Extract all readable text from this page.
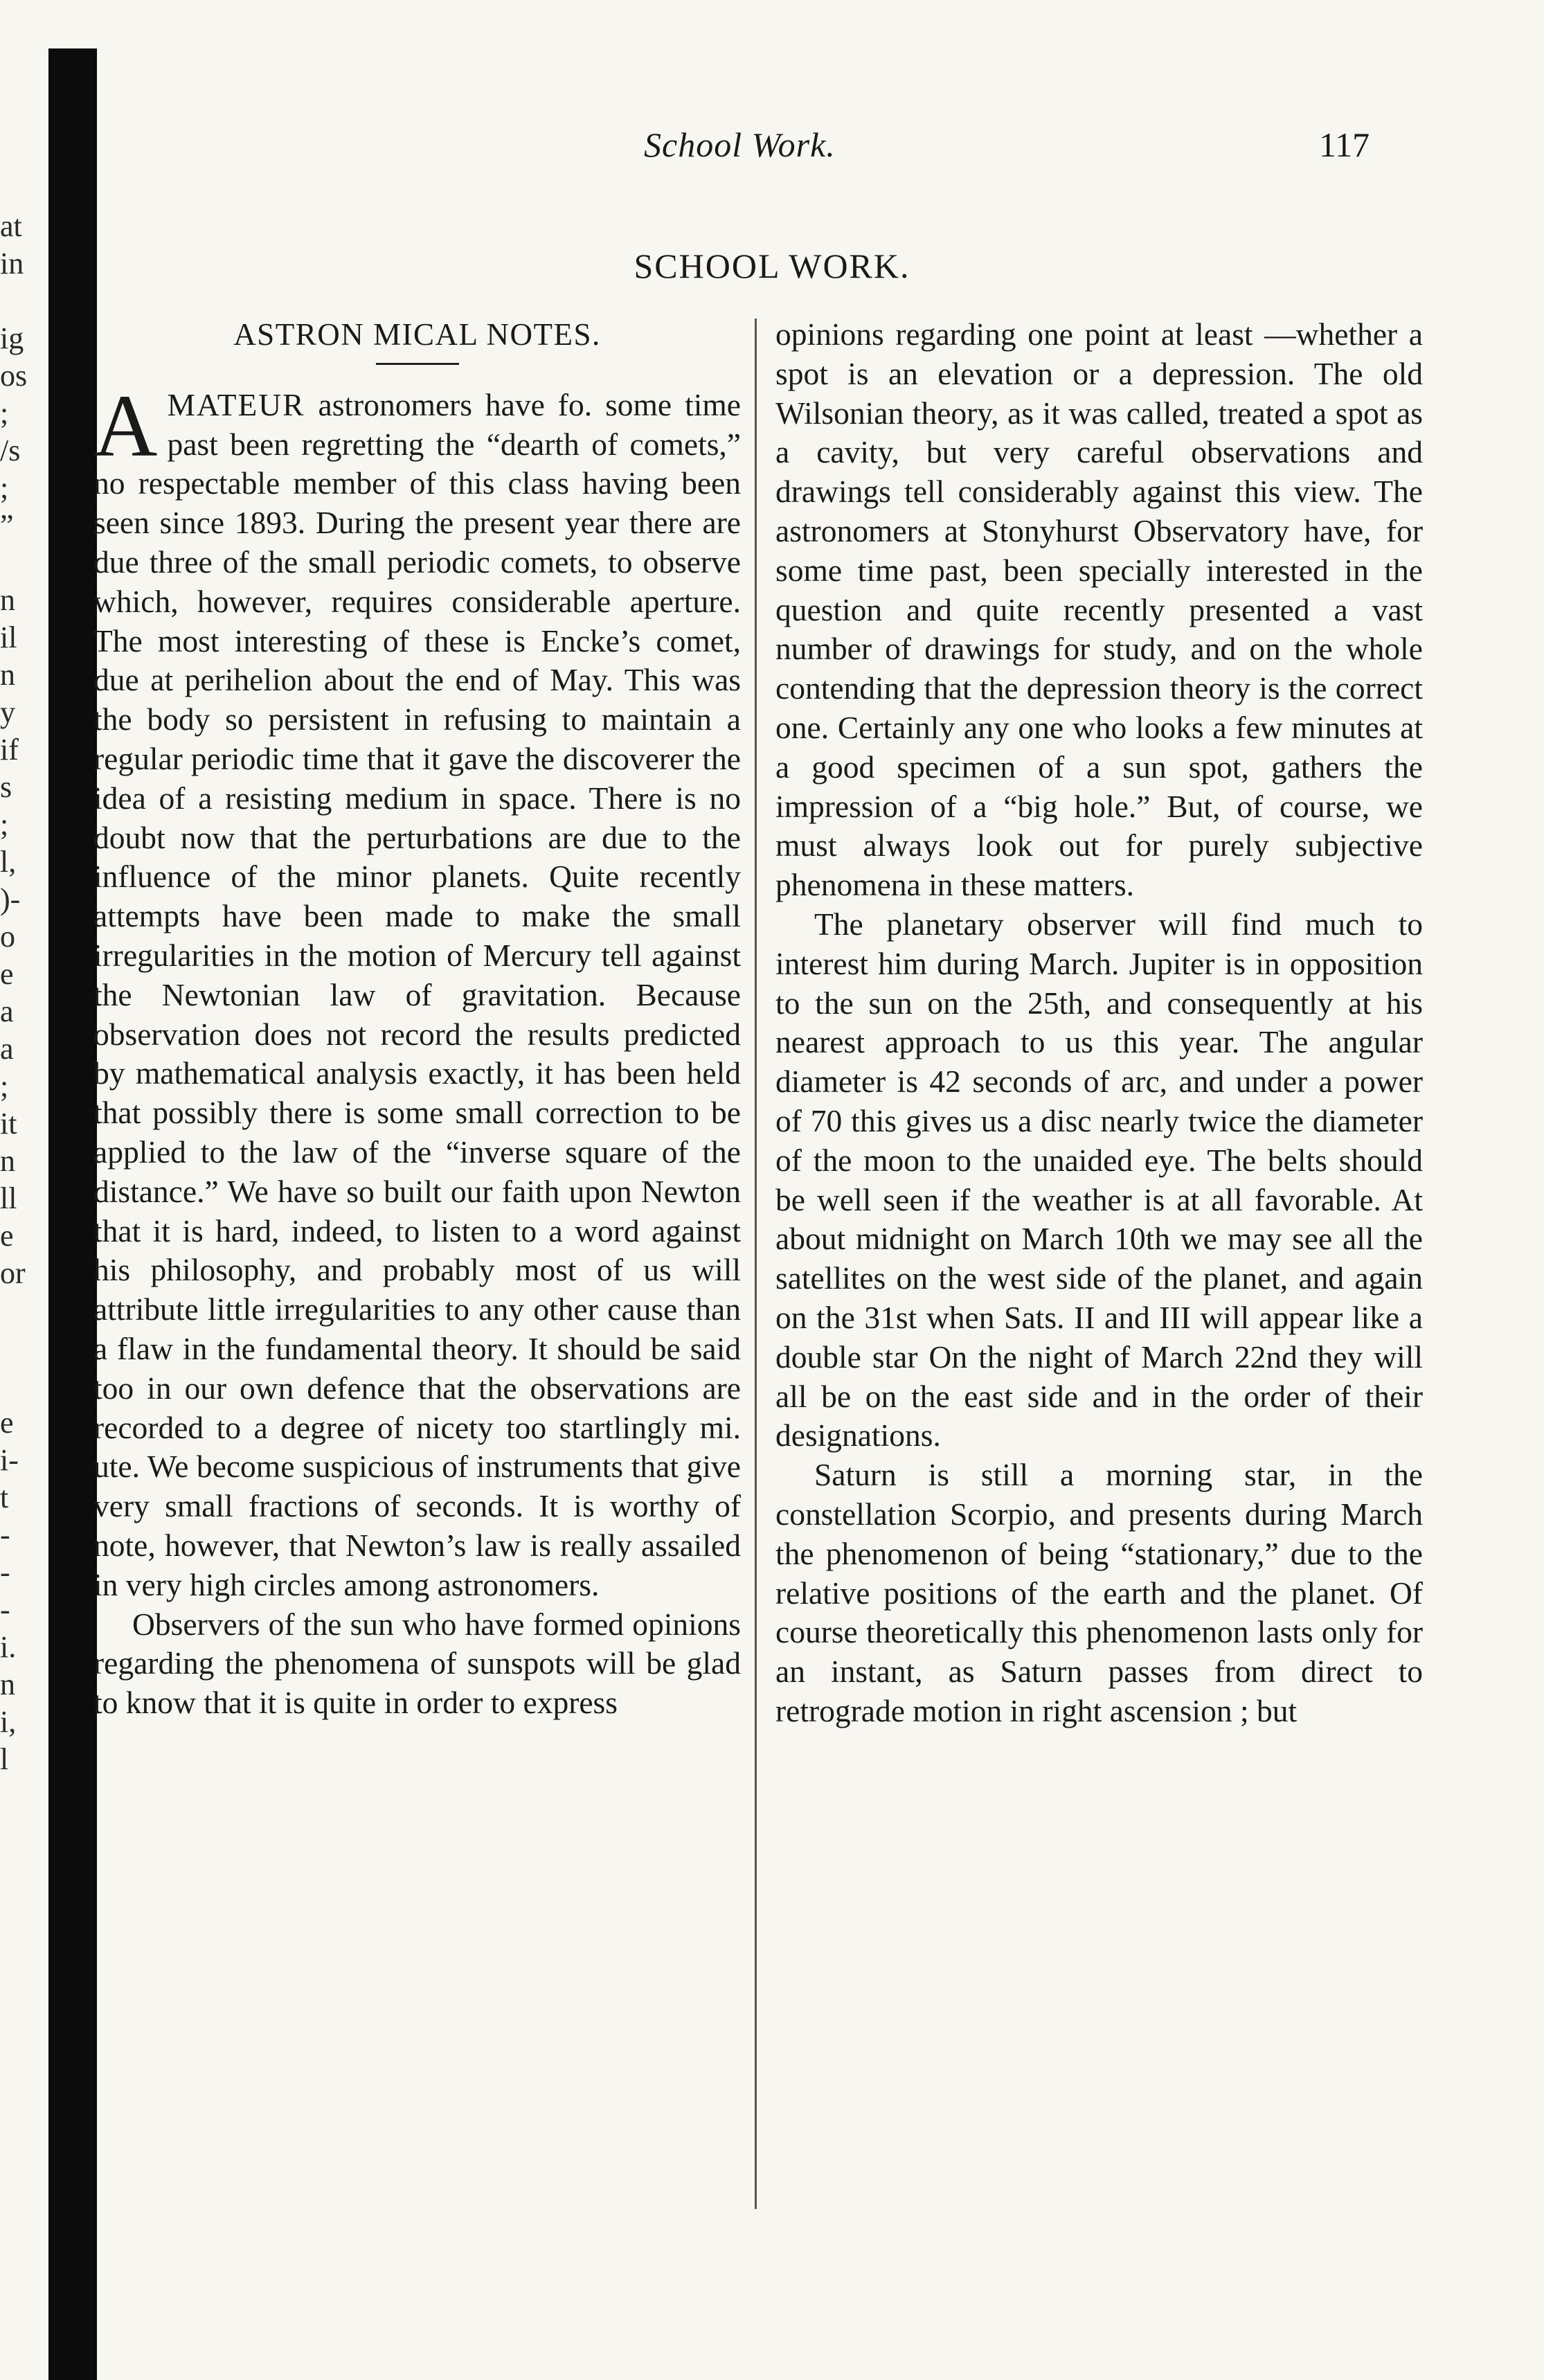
at
in

ig
os
;
/s
;
”

n
il
n
y
if
s
;
l,
)-
o
e
a
a
;
it
n
ll
e
or

e
i-
t
-
-
-
i.
n
i,
l
School Work.	117
SCHOOL WORK.
ASTRON MICAL NOTES.

AMATEUR astronomers have fo. some time past been regretting the “dearth of comets,” no respectable member of this class having been seen since 1893. During the present year there are due three of the small periodic comets, to observe which, however, requires considerable aperture. The most interesting of these is Encke’s comet, due at perihelion about the end of May. This was the body so persistent in refusing to maintain a regular periodic time that it gave the discoverer the idea of a resisting medium in space. There is no doubt now that the perturbations are due to the influence of the minor planets. Quite recently attempts have been made to make the small irregularities in the motion of Mercury tell against the Newtonian law of gravitation. Because observation does not record the results predicted by mathematical analysis exactly, it has been held that possibly there is some small correction to be applied to the law of the “inverse square of the distance.” We have so built our faith upon Newton that it is hard, indeed, to listen to a word against his philosophy, and probably most of us will attribute little irregularities to any other cause than a flaw in the fundamental theory. It should be said too in our own defence that the observations are recorded to a degree of nicety too startlingly mi. ute. We become suspicious of instruments that give very small fractions of seconds. It is worthy of note, however, that Newton’s law is really assailed in very high circles among astronomers.

Observers of the sun who have formed opinions regarding the phenomena of sunspots will be glad to know that it is quite in order to express

opinions regarding one point at least —whether a spot is an elevation or a depression. The old Wilsonian theory, as it was called, treated a spot as a cavity, but very careful observations and drawings tell considerably against this view. The astronomers at Stonyhurst Observatory have, for some time past, been specially interested in the question and quite recently presented a vast number of drawings for study, and on the whole contending that the depression theory is the correct one. Certainly any one who looks a few minutes at a good specimen of a sun spot, gathers the impression of a “big hole.” But, of course, we must always look out for purely subjective phenomena in these matters.

The planetary observer will find much to interest him during March. Jupiter is in opposition to the sun on the 25th, and consequently at his nearest approach to us this year. The angular diameter is 42 seconds of arc, and under a power of 70 this gives us a disc nearly twice the diameter of the moon to the unaided eye. The belts should be well seen if the weather is at all favorable. At about midnight on March 10th we may see all the satellites on the west side of the planet, and again on the 31st when Sats. II and III will appear like a double star On the night of March 22nd they will all be on the east side and in the order of their designations.

Saturn is still a morning star, in the constellation Scorpio, and presents during March the phenomenon of being “stationary,” due to the relative positions of the earth and the planet. Of course theoretically this phenomenon lasts only for an instant, as Saturn passes from direct to retrograde motion in right ascension ; but
